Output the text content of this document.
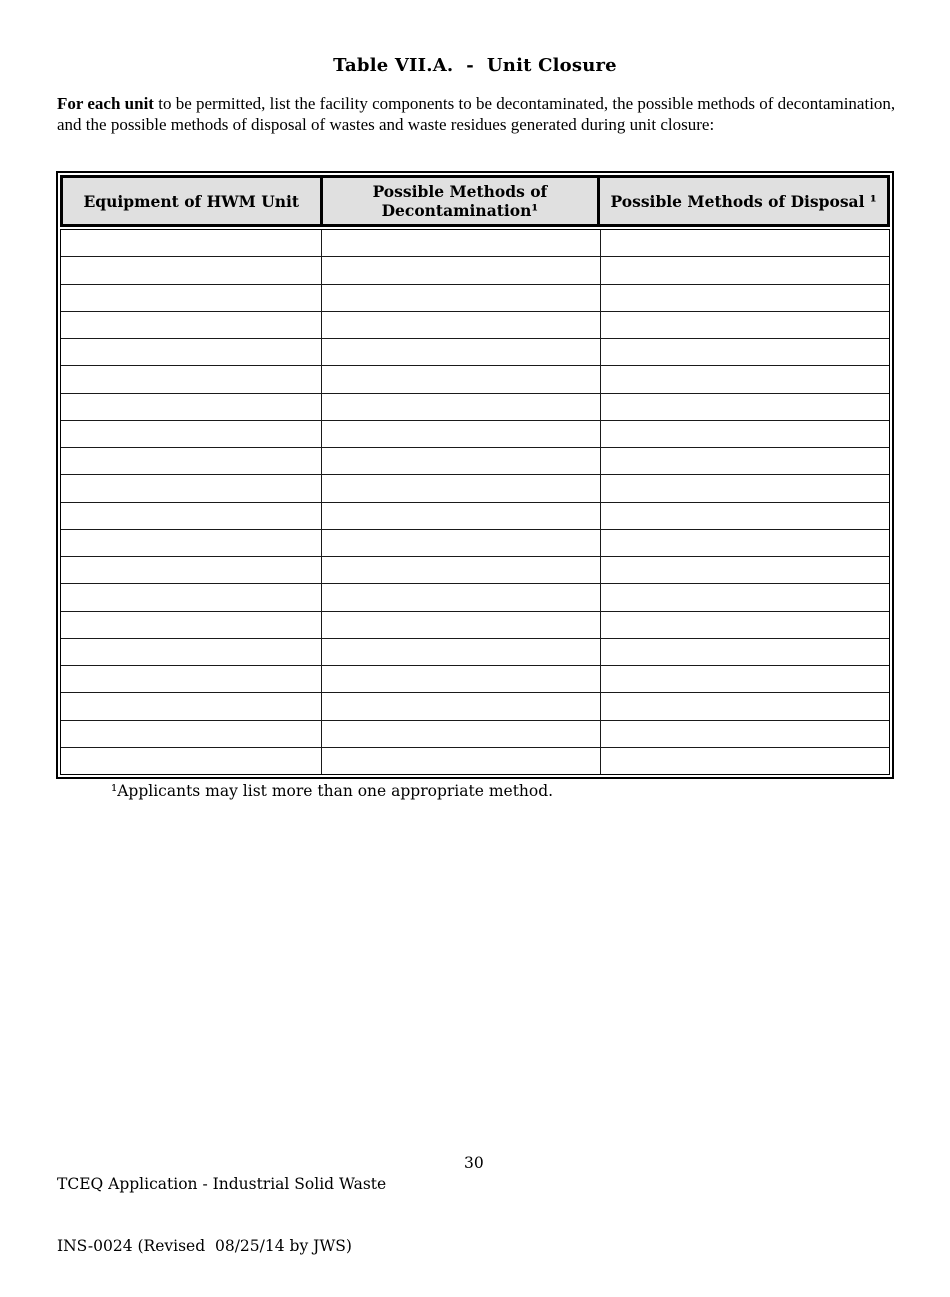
Table VII.A.  -  Unit Closure

For each unit to be permitted, list the facility components to be decontaminated, the possible methods of decontamination, and the possible methods of disposal of wastes and waste residues generated during unit closure:

Equipment of HWM Unit	Possible Methods of Decontamination¹	Possible Methods of Disposal ¹

¹Applicants may list more than one appropriate method.

TCEQ Application - Industrial Solid Waste

INS-0024 (Revised  08/25/14 by JWS)

30
